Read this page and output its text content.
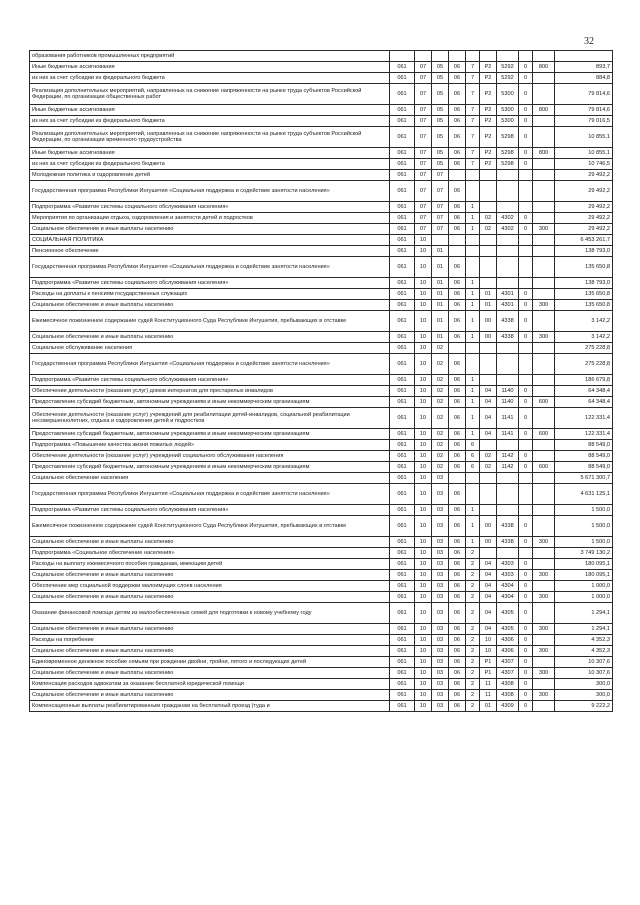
32
образования работников промышленных предприятий										
Иные бюджетные ассигнования	061	07	05	06	7	Р2	5292	0	800	893,7
из них за счет субсидии из федерального бюджета	061	07	05	06	7	Р2	5292	0		884,8
Реализация дополнительных мероприятий, направленных на снижение напряженности на рынке труда субъектов Российской Федерации, по организации общественных работ	061	07	05	06	7	Р2	5300	0		79 814,6
Иные бюджетные ассигнования	061	07	05	06	7	Р2	5300	0	800	79 814,6
из них за счет субсидии из федерального бюджета	061	07	05	06	7	Р2	5300	0		79 016,5
Реализация дополнительных мероприятий, направленных на снижение напряженности на рынке труда субъектов Российской Федерации, по организации временного трудоустройства	061	07	05	06	7	Р2	5298	0		10 855,1
Иные бюджетные ассигнования	061	07	05	06	7	Р2	5298	0	800	10 855,1
из них за счет субсидии из федерального бюджета	061	07	05	06	7	Р2	5298	0		10 746,5
Молодежная политика и оздоровление детей	061	07	07							29 492,2
Государственная программа Республики Ингушетия «Социальная поддержка и содействие занятости населения»	061	07	07	06						29 492,2
Подпрограмма «Развитие системы социального обслуживания населения»	061	07	07	06	1					29 492,2
Мероприятия по организации отдыха, оздоровления и занятости детей и подростков	061	07	07	06	1	02	4302	0		29 492,2
Социальное обеспечение и иные выплаты населению	061	07	07	06	1	02	4302	0	300	29 492,2
СОЦИАЛЬНАЯ ПОЛИТИКА	061	10								6 453 261,7
Пенсионное обеспечение	061	10	01							138 793,0
Государственная программа Республики Ингушетия «Социальная поддержка и содействие занятости населения»	061	10	01	06						135 650,8
Подпрограмма «Развитие системы социального обслуживания населения»	061	10	01	06	1					138 793,0
Расходы на доплаты к пенсиям государственных служащих	061	10	01	06	1	01	4301	0		135 650,8
Социальное обеспечение и иные выплаты населению	061	10	01	06	1	01	4301	0	300	135 650,8
Ежемесячное пожизненное содержание судей Конституционного Суда Республики Ингушетия, пребывающих в отставке	061	10	01	06	1	00	4338	0		3 142,2
Социальное обеспечение и иные выплаты населению	061	10	01	06	1	00	4338	0	300	3 142,2
Социальное обслуживание населения	061	10	02							275 228,8
Государственная программа Республики Ингушетия «Социальная поддержка и содействие занятости населения»	061	10	02	06						275 228,8
Подпрограмма «Развитие системы социального обслуживания населения»	061	10	02	06	1					186 679,8
Обеспечение деятельности (оказания услуг) домов интернатов для престарелых инвалидов	061	10	02	06	1	04	1140	0		64 348,4
Предоставление субсидий бюджетным, автономным учреждениям и иным некоммерческим организациям	061	10	02	06	1	04	1140	0	600	64 348,4
Обеспечение деятельности (оказание услуг) учреждений для реабилитации детей-инвалидов, социальной реабилитации несовершеннолетних, отдыха и оздоровления детей и подростков	061	10	02	06	1	04	1141	0		122 331,4
Предоставление субсидий бюджетным, автономным учреждениям и иным некоммерческим организациям	061	10	02	06	1	04	1141	0	600	122 331,4
Подпрограмма «Повышение качества жизни пожилых людей»	061	10	02	06	6					88 549,0
Обеспечение деятельности (оказание услуг) учреждений социального обслуживания населения	061	10	02	06	6	02	1142	0		88 549,0
Предоставление субсидий бюджетным, автономным учреждениям и иным некоммерческим организациям	061	10	02	06	6	02	1142	0	600	88 549,0
Социальное обеспечение населения	061	10	03							5 671 300,7
Государственная программа Республики Ингушетия «Социальная поддержка и содействие занятости населения»	061	10	03	06						4 631 125,1
Подпрограмма «Развитие системы социального обслуживания населения»	061	10	03	06	1					1 500,0
Ежемесячное пожизненное содержание судей Конституционного Суда Республики Ингушетия, пребывающих в отставке	061	10	03	06	1	00	4338	0		1 500,0
Социальное обеспечение и иные выплаты населению	061	10	03	06	1	00	4338	0	300	1 500,0
Подпрограмма «Социальное обеспечение населения»	061	10	03	06	2					3 749 130,2
Расходы на выплату ежемесячного пособия гражданам, имеющим детей	061	10	03	06	2	04	4303	0		180 095,1
Социальное обеспечение и иные выплаты населению	061	10	03	06	2	04	4303	0	300	180 095,1
Обеспечение мер социальной поддержки малоимущих слоев населения	061	10	03	06	2	04	4304	0		1 000,0
Социальное обеспечение и иные выплаты населению	061	10	03	06	2	04	4304	0	300	1 000,0
Оказание финансовой помощи детям из малообеспеченных семей для подготовки к новому учебному году	061	10	03	06	2	04	4305	0		1 294,1
Социальное обеспечение и иные выплаты населению	061	10	03	06	2	04	4305	0	300	1 294,1
Расходы на погребение	061	10	03	06	2	10	4306	0		4 352,3
Социальное обеспечение и иные выплаты населению	061	10	03	06	2	10	4306	0	300	4 352,3
Единовременное денежное пособие семьям при рождении двойни, тройни, пятого и последующих детей	061	10	03	06	2	Р1	4307	0		10 307,6
Социальное обеспечение и иные выплаты населению	061	10	03	06	2	Р1	4307	0	300	10 307,6
Компенсация расходов адвокатам за оказание бесплатной юридической помощи	061	10	03	06	2	11	4308	0		300,0
Социальное обеспечение и иные выплаты населению	061	10	03	06	2	11	4308	0	300	300,0
Компенсационные выплаты реабилитированным гражданам на бесплатный проезд (туда и	061	10	03	06	2	01	4309	0		9 222,2
